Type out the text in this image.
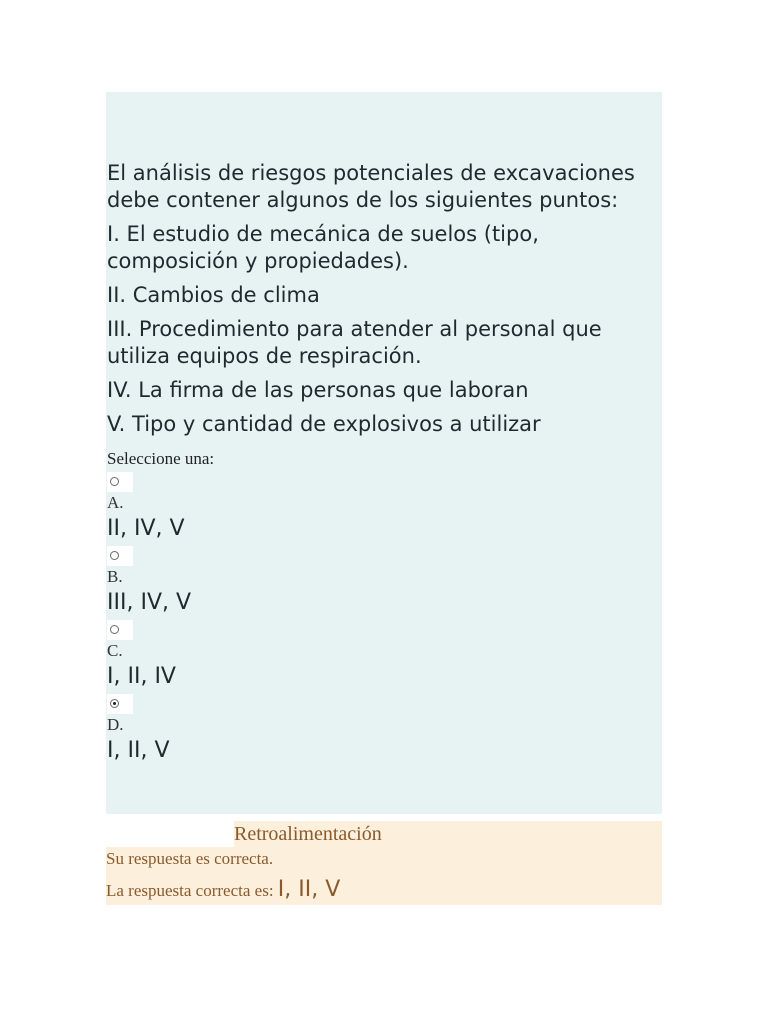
El análisis de riesgos potenciales de excavaciones debe contener algunos de los siguientes puntos:

I. El estudio de mecánica de suelos (tipo, composición y propiedades).

II. Cambios de clima

III. Procedimiento para atender al personal que utiliza equipos de respiración.

IV. La firma de las personas que laboran

V. Tipo y cantidad de explosivos a utilizar

Seleccione una:
A.
II, IV, V
B.
III, IV, V
C.
I, II, IV
D.
I, II, V
Retroalimentación
Su respuesta es correcta.
La respuesta correcta es: I, II, V
